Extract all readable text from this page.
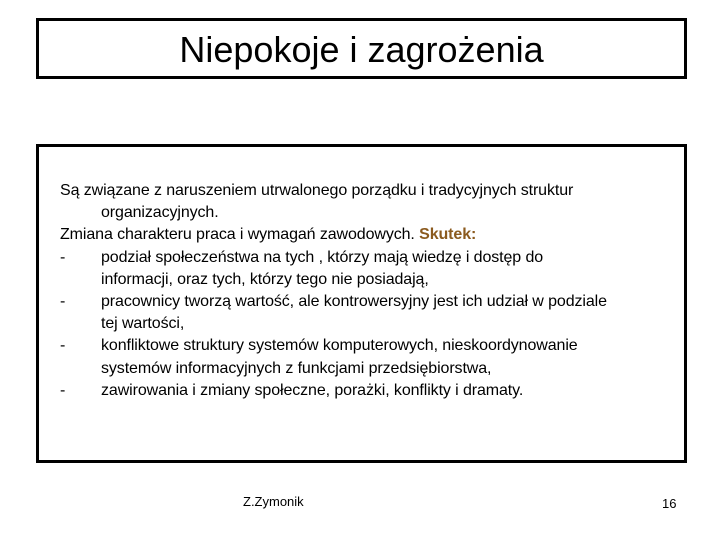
Niepokoje i zagrożenia
Są związane z naruszeniem utrwalonego porządku i tradycyjnych struktur
organizacyjnych.
Zmiana charakteru praca i wymagań zawodowych. Skutek:
-	podział społeczeństwa na tych , którzy mają wiedzę i dostęp do
informacji, oraz tych, którzy tego nie posiadają,
-	pracownicy tworzą wartość, ale kontrowersyjny jest ich udział w podziale
tej wartości,
-	konfliktowe struktury systemów komputerowych, nieskoordynowanie
systemów informacyjnych z funkcjami przedsiębiorstwa,
-	zawirowania i zmiany społeczne, porażki, konflikty i dramaty.
Z.Zymonik	16
